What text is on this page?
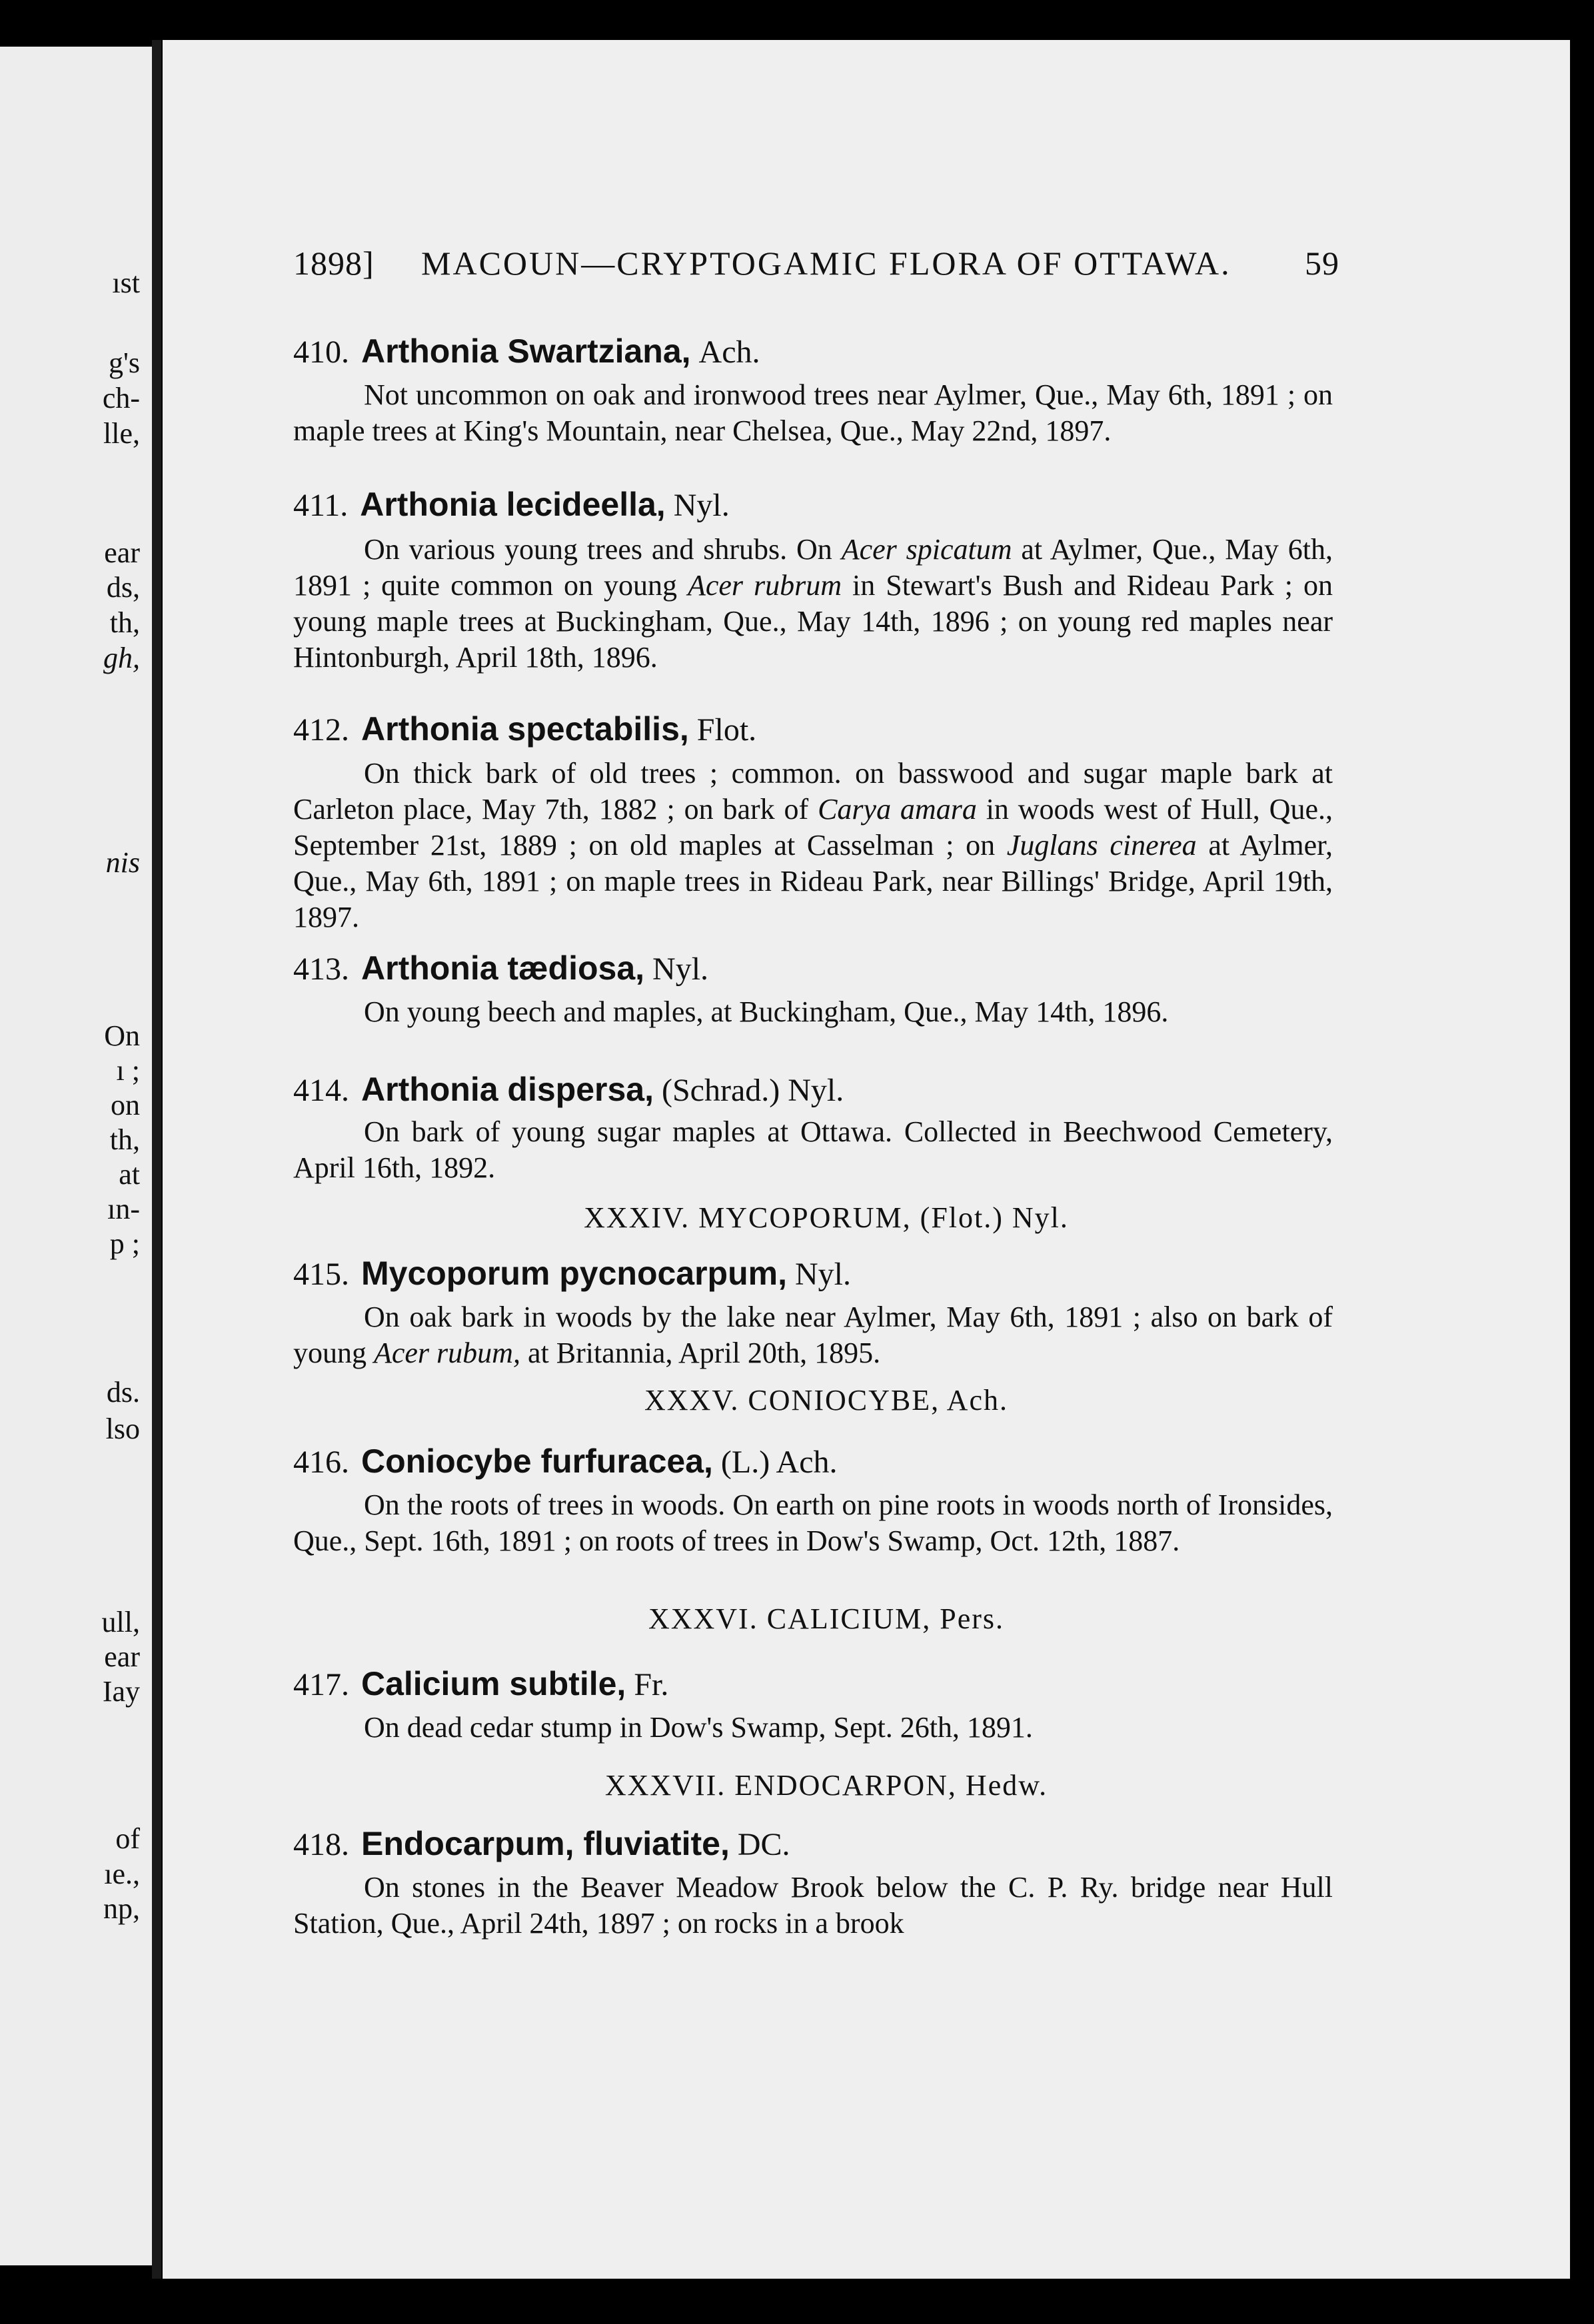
ıst
g's
ch-
lle,
ear
ds,
th,
gh,
nis
On
ı ;
on
th,
at
ın-
p ;
ds.
lso
ull,
ear
Iay
of
ıe.,
np,
1898] MACOUN—CRYPTOGAMIC FLORA OF OTTAWA. 59
410. Arthonia Swartziana, Ach.
Not uncommon on oak and ironwood trees near Aylmer, Que., May 6th, 1891 ; on maple trees at King's Mountain, near Chelsea, Que., May 22nd, 1897.
411. Arthonia lecideella, Nyl.
On various young trees and shrubs. On Acer spicatum at Aylmer, Que., May 6th, 1891 ; quite common on young Acer rubrum in Stewart's Bush and Rideau Park ; on young maple trees at Buckingham, Que., May 14th, 1896 ; on young red maples near Hintonburgh, April 18th, 1896.
412. Arthonia spectabilis, Flot.
On thick bark of old trees ; common. on basswood and sugar maple bark at Carleton place, May 7th, 1882 ; on bark of Carya amara in woods west of Hull, Que., September 21st, 1889 ; on old maples at Casselman ; on Juglans cinerea at Aylmer, Que., May 6th, 1891 ; on maple trees in Rideau Park, near Billings' Bridge, April 19th, 1897.
413. Arthonia tædiosa, Nyl.
On young beech and maples, at Buckingham, Que., May 14th, 1896.
414. Arthonia dispersa, (Schrad.) Nyl.
On bark of young sugar maples at Ottawa. Collected in Beechwood Cemetery, April 16th, 1892.
XXXIV. MYCOPORUM, (Flot.) Nyl.
415. Mycoporum pycnocarpum, Nyl.
On oak bark in woods by the lake near Aylmer, May 6th, 1891 ; also on bark of young Acer rubum, at Britannia, April 20th, 1895.
XXXV. CONIOCYBE, Ach.
416. Coniocybe furfuracea, (L.) Ach.
On the roots of trees in woods. On earth on pine roots in woods north of Ironsides, Que., Sept. 16th, 1891 ; on roots of trees in Dow's Swamp, Oct. 12th, 1887.
XXXVI. CALICIUM, Pers.
417. Calicium subtile, Fr.
On dead cedar stump in Dow's Swamp, Sept. 26th, 1891.
XXXVII. ENDOCARPON, Hedw.
418. Endocarpum, fluviatite, DC.
On stones in the Beaver Meadow Brook below the C. P. Ry. bridge near Hull Station, Que., April 24th, 1897 ; on rocks in a brook
